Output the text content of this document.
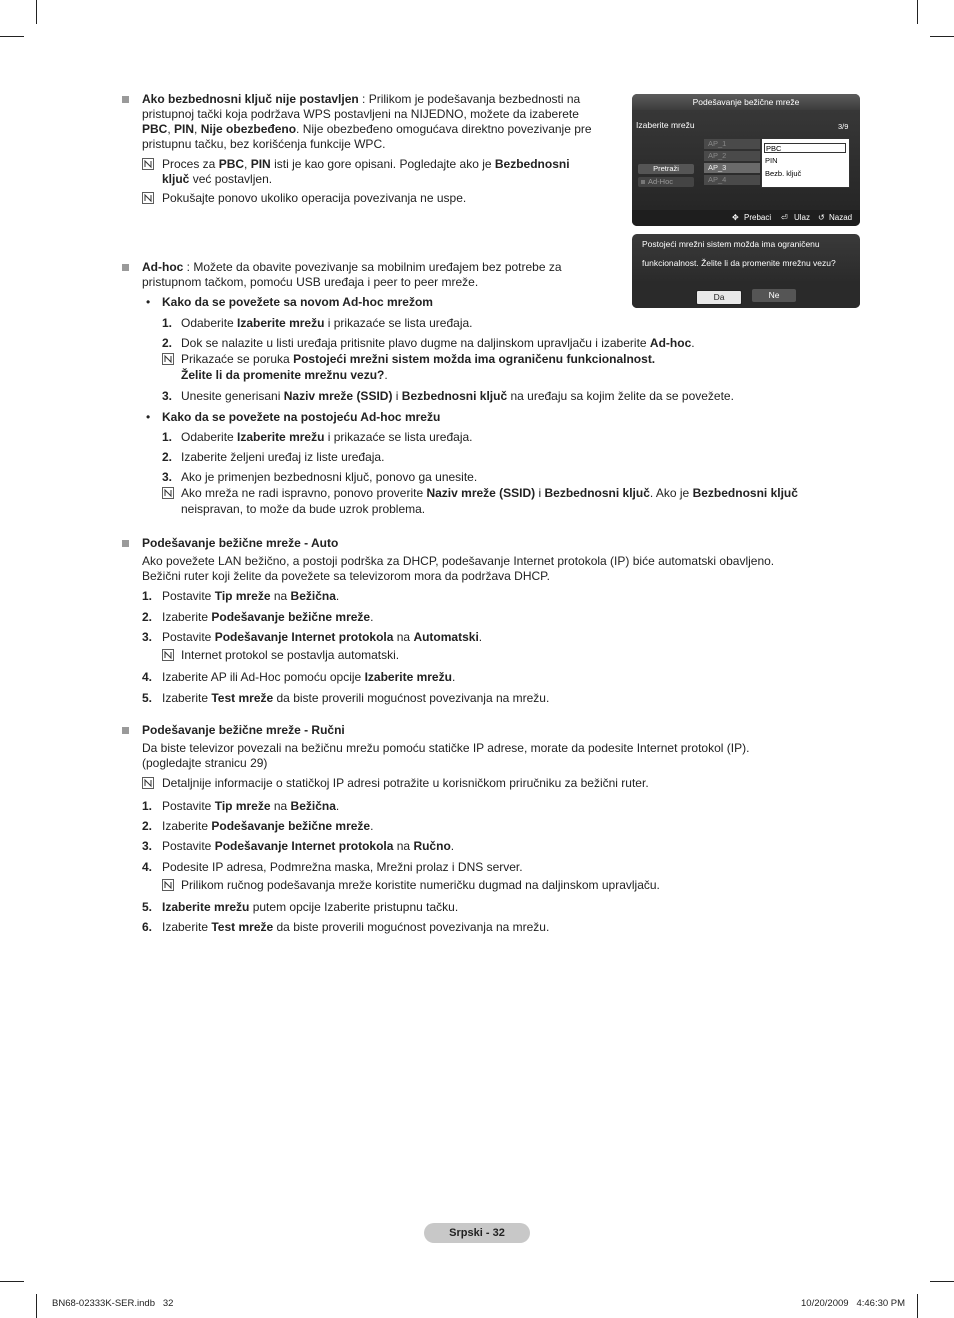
Ako bezbednosni ključ nije postavljen : Prilikom je podešavanja bezbednosti na
pristupnoj tački koja podržava WPS postavljeni na NIJEDNO, možete da izaberete
PBC, PIN, Nije obezbeđeno. Nije obezbeđeno omogućava direktno povezivanje pre
pristupnu tačku, bez korišćenja funkcije WPC.
Proces za PBC, PIN isti je kao gore opisani. Pogledajte ako je Bezbednosni
ključ već postavljen.
Pokušajte ponovo ukoliko operacija povezivanja ne uspe.
Podešavanje bežične mreže
Izaberite mrežu	3/9
Pretraži
Ad-Hoc
AP_1
AP_2
AP_3
AP_4
PBC
PIN
Bezb. ključ
✥ Prebaci ⏎ Ulaz ↺ Nazad
Postojeći mrežni sistem možda ima ograničenu
funkcionalnost. Želite li da promenite mrežnu vezu?
Da	Ne
Ad-hoc : Možete da obavite povezivanje sa mobilnim uređajem bez potrebe za
pristupnom tačkom, pomoću USB uređaja i peer to peer mreže.
• Kako da se povežete sa novom Ad-hoc mrežom
1. Odaberite Izaberite mrežu i prikazaće se lista uređaja.
2. Dok se nalazite u listi uređaja pritisnite plavo dugme na daljinskom upravljaču i izaberite Ad-hoc.
Prikazaće se poruka Postojeći mrežni sistem možda ima ograničenu funkcionalnost.
Želite li da promenite mrežnu vezu?.
3. Unesite generisani Naziv mreže (SSID) i Bezbednosni ključ na uređaju sa kojim želite da se povežete.
• Kako da se povežete na postojeću Ad-hoc mrežu
1. Odaberite Izaberite mrežu i prikazaće se lista uređaja.
2. Izaberite željeni uređaj iz liste uređaja.
3. Ako je primenjen bezbednosni ključ, ponovo ga unesite.
Ako mreža ne radi ispravno, ponovo proverite Naziv mreže (SSID) i Bezbednosni ključ. Ako je Bezbednosni ključ
neispravan, to može da bude uzrok problema.
Podešavanje bežične mreže - Auto
Ako povežete LAN bežično, a postoji podrška za DHCP, podešavanje Internet protokola (IP) biće automatski obavljeno.
Bežični ruter koji želite da povežete sa televizorom mora da podržava DHCP.
1. Postavite Tip mreže na Bežična.
2. Izaberite Podešavanje bežične mreže.
3. Postavite Podešavanje Internet protokola na Automatski.
Internet protokol se postavlja automatski.
4. Izaberite AP ili Ad-Hoc pomoću opcije Izaberite mrežu.
5. Izaberite Test mreže da biste proverili mogućnost povezivanja na mrežu.
Podešavanje bežične mreže - Ručni
Da biste televizor povezali na bežičnu mrežu pomoću statičke IP adrese, morate da podesite Internet protokol (IP).
(pogledajte stranicu 29)
Detaljnije informacije o statičkoj IP adresi potražite u korisničkom priručniku za bežični ruter.
1. Postavite Tip mreže na Bežična.
2. Izaberite Podešavanje bežične mreže.
3. Postavite Podešavanje Internet protokola na Ručno.
4. Podesite IP adresa, Podmrežna maska, Mrežni prolaz i DNS server.
Prilikom ručnog podešavanja mreže koristite numeričku dugmad na daljinskom upravljaču.
5. Izaberite mrežu putem opcije Izaberite pristupnu tačku.
6. Izaberite Test mreže da biste proverili mogućnost povezivanja na mrežu.
Srpski - 32
BN68-02333K-SER.indb   32	10/20/2009   4:46:30 PM
